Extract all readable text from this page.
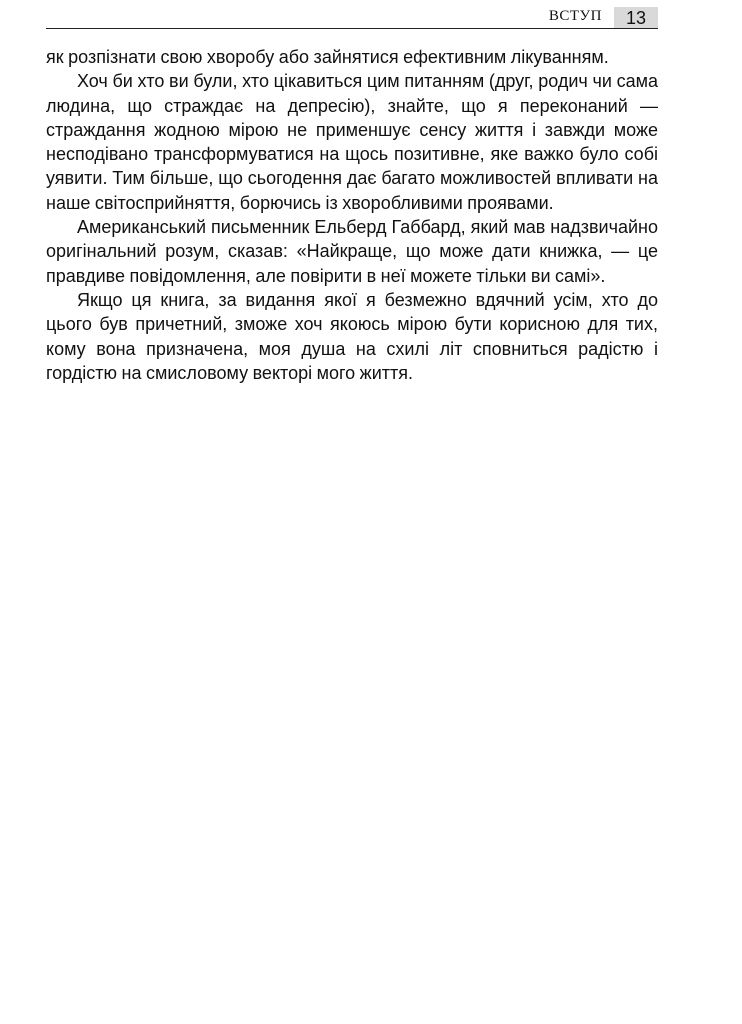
ВСТУП	13

як розпізнати свою хворобу або зайнятися ефективним лікуванням.

Хоч би хто ви були, хто цікавиться цим питанням (друг, родич чи сама людина, що страждає на депресію), знайте, що я переконаний — страждання жодною мірою не применшує сенсу життя і завжди може несподівано трансформуватися на щось позитивне, яке важко було собі уявити. Тим більше, що сьогодення дає багато можливостей впливати на наше світосприйняття, борючись із хворобливими проявами.

Американський письменник Ельберд Габбард, який мав надзвичайно оригінальний розум, сказав: «Найкраще, що може дати книжка, — це правдиве повідомлення, але повірити в неї можете тільки ви самі».

Якщо ця книга, за видання якої я безмежно вдячний усім, хто до цього був причетний, зможе хоч якоюсь мірою бути корисною для тих, кому вона призначена, моя душа на схилі літ сповниться радістю і гордістю на смисловому векторі мого життя.
